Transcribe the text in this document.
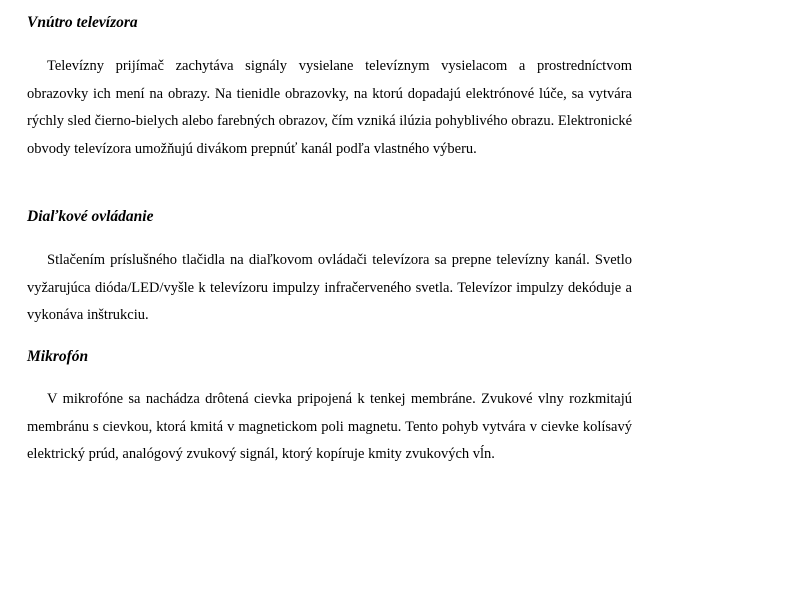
Vnútro televízora

Televízny prijímač zachytáva signály vysielane televíznym vysielacom a prostredníctvom obrazovky ich mení na obrazy. Na tienidle obrazovky, na ktorú dopadajú elektrónové lúče, sa vytvára rýchly sled čierno-bielych alebo farebných obrazov, čím vzniká ilúzia pohyblivého obrazu. Elektronické obvody televízora umožňujú divákom prepnúť kanál podľa vlastného výberu.

Diaľkové ovládanie

Stlačením príslušného tlačidla na diaľkovom ovládači televízora sa prepne televízny kanál. Svetlo vyžarujúca dióda/LED/vyšle k televízoru impulzy infračerveného svetla. Televízor impulzy dekóduje a vykonáva inštrukciu.

Mikrofón

V mikrofóne sa nachádza drôtená cievka pripojená k tenkej membráne. Zvukové vlny rozkmitajú membránu s cievkou, ktorá kmitá v magnetickom poli magnetu. Tento pohyb vytvára v cievke kolísavý elektrický prúd, analógový zvukový signál, ktorý kopíruje kmity zvukových vĺn.
